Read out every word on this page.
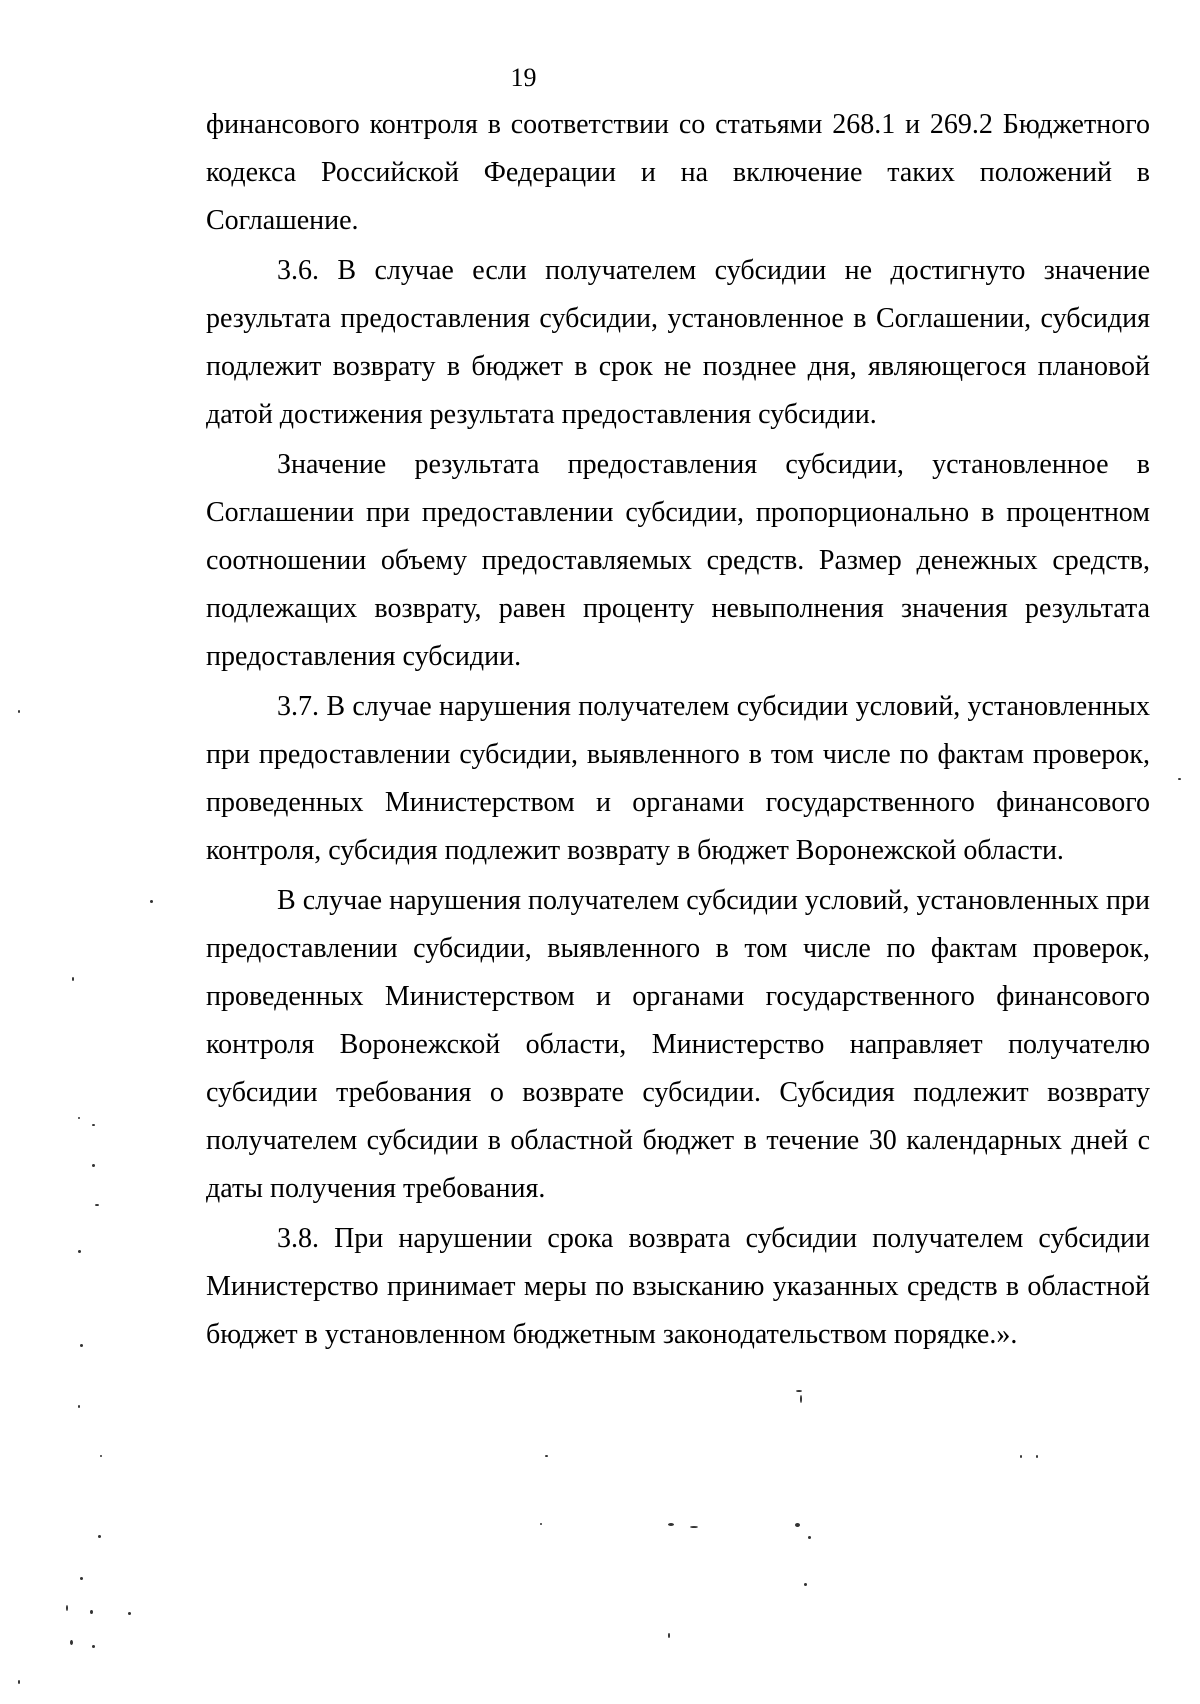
19

финансового контроля в соответствии со статьями 268.1 и 269.2 Бюджетного кодекса Российской Федерации и на включение таких положений в Соглашение.

3.6. В случае если получателем субсидии не достигнуто значение результата предоставления субсидии, установленное в Соглашении, субсидия подлежит возврату в бюджет в срок не позднее дня, являющегося плановой датой достижения результата предоставления субсидии.

Значение результата предоставления субсидии, установленное в Соглашении при предоставлении субсидии, пропорционально в процентном соотношении объему предоставляемых средств. Размер денежных средств, подлежащих возврату, равен проценту невыполнения значения результата предоставления субсидии.

3.7. В случае нарушения получателем субсидии условий, установленных при предоставлении субсидии, выявленного в том числе по фактам проверок, проведенных Министерством и органами государственного финансового контроля, субсидия подлежит возврату в бюджет Воронежской области.

В случае нарушения получателем субсидии условий, установленных при предоставлении субсидии, выявленного в том числе по фактам проверок, проведенных Министерством и органами государственного финансового контроля Воронежской области, Министерство направляет получателю субсидии требования о возврате субсидии. Субсидия подлежит возврату получателем субсидии в областной бюджет в течение 30 календарных дней с даты получения требования.

3.8. При нарушении срока возврата субсидии получателем субсидии Министерство принимает меры по взысканию указанных средств в областной бюджет в установленном бюджетным законодательством порядке.».
